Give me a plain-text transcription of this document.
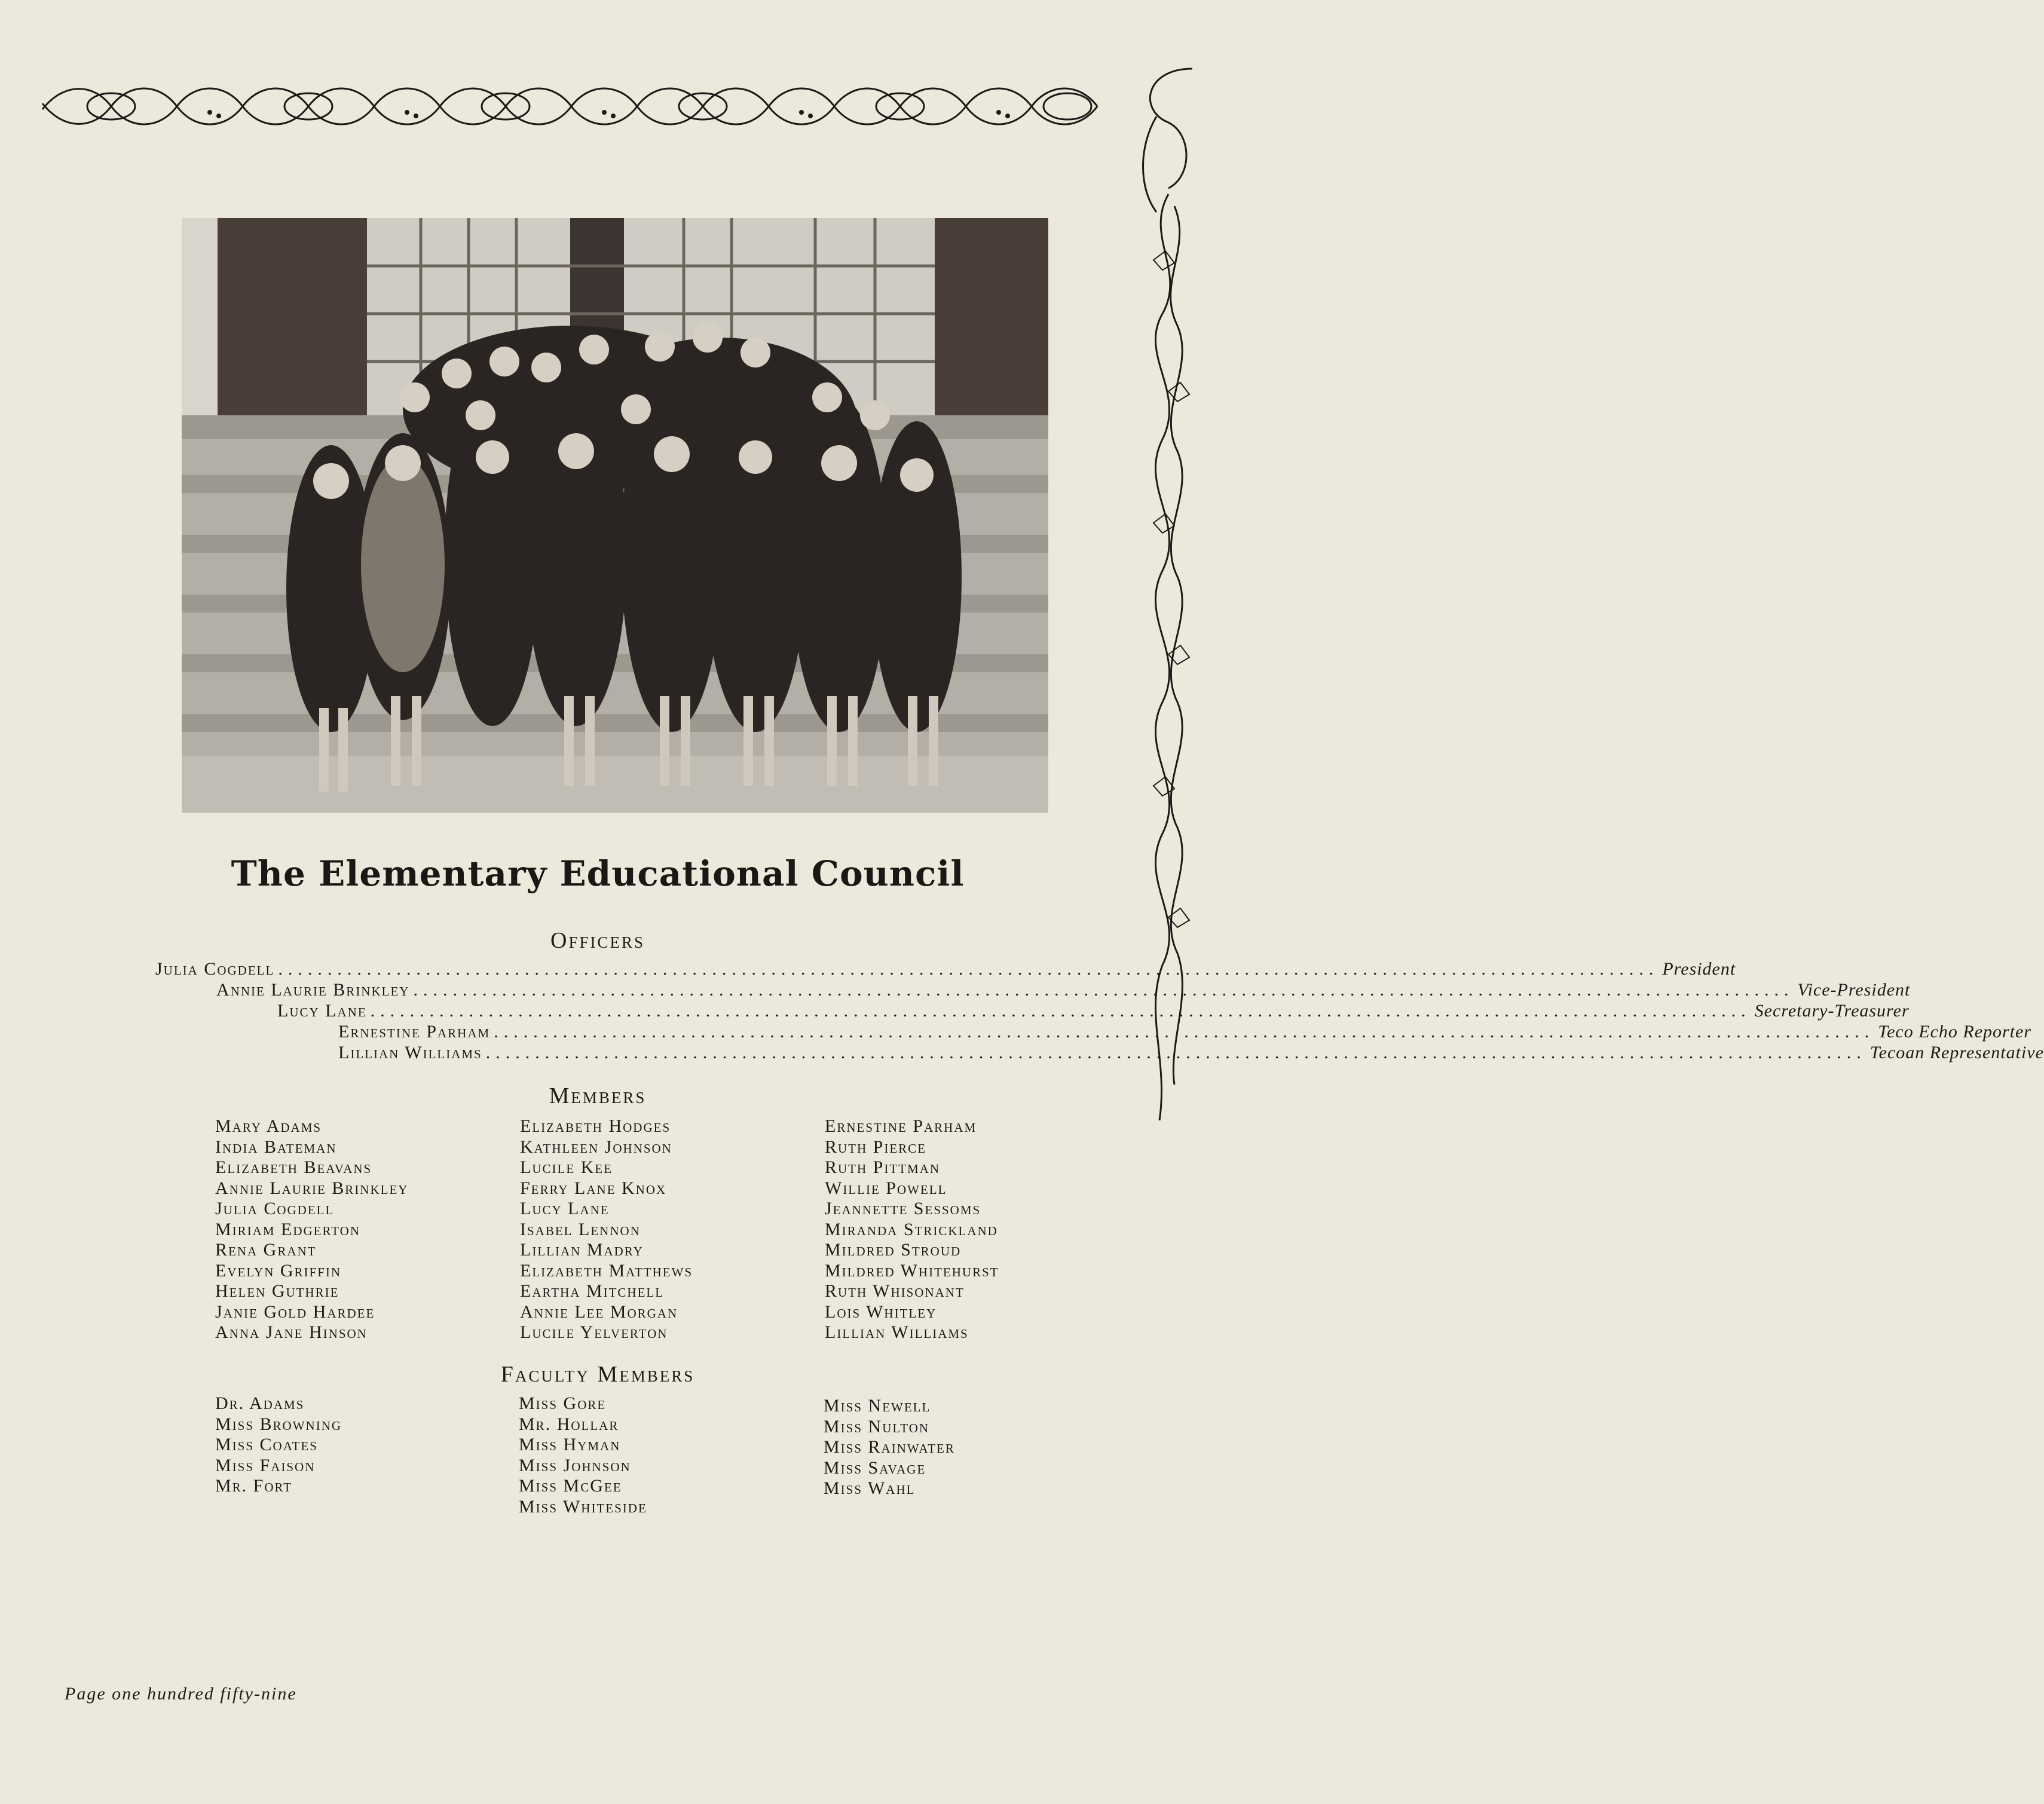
The Elementary Educational Council
Officers
Julia Cogdell ............................................................................................................................................ President
Annie Laurie Brinkley ............................................................................................................................................ Vice-President
Lucy Lane ............................................................................................................................................ Secretary-Treasurer
Ernestine Parham ............................................................................................................................................ Teco Echo Reporter
Lillian Williams ............................................................................................................................................ Tecoan Representative
Members
Mary Adams
India Bateman
Elizabeth Beavans
Annie Laurie Brinkley
Julia Cogdell
Miriam Edgerton
Rena Grant
Evelyn Griffin
Helen Guthrie
Janie Gold Hardee
Anna Jane Hinson
Elizabeth Hodges
Kathleen Johnson
Lucile Kee
Ferry Lane Knox
Lucy Lane
Isabel Lennon
Lillian Madry
Elizabeth Matthews
Eartha Mitchell
Annie Lee Morgan
Lucile Yelverton
Ernestine Parham
Ruth Pierce
Ruth Pittman
Willie Powell
Jeannette Sessoms
Miranda Strickland
Mildred Stroud
Mildred Whitehurst
Ruth Whisonant
Lois Whitley
Lillian Williams
Faculty Members
Dr. Adams
Miss Browning
Miss Coates
Miss Faison
Mr. Fort
Miss Gore
Mr. Hollar
Miss Hyman
Miss Johnson
Miss McGee
Miss Whiteside
Miss Newell
Miss Nulton
Miss Rainwater
Miss Savage
Miss Wahl
Page one hundred fifty-nine
